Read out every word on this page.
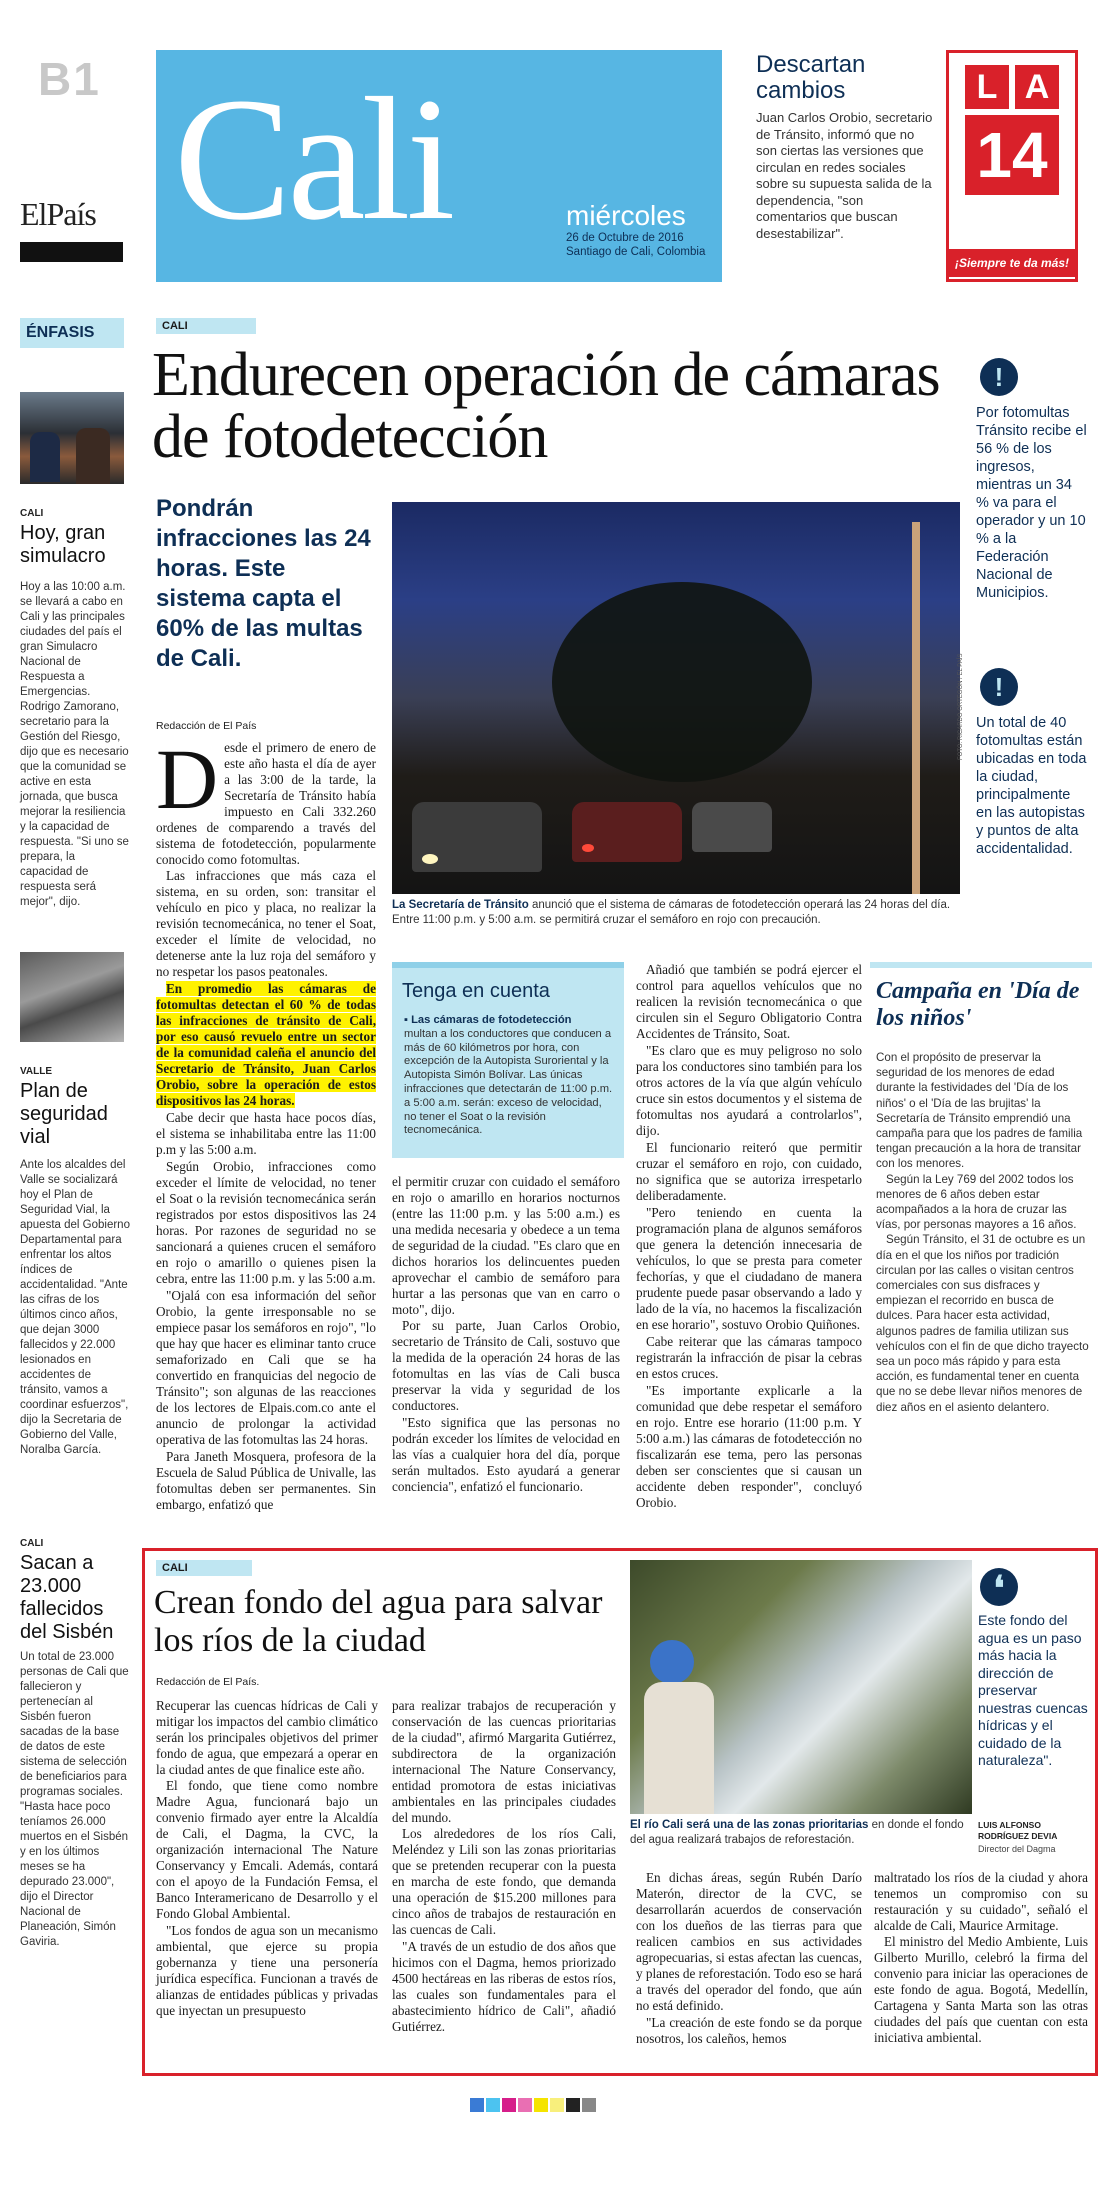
B1
ElPaís Cali	miércoles
26 de Octubre de 2016
Santiago de Cali, Colombia
Descartan cambios
Juan Carlos Orobio, secretario de Tránsito, informó que no son ciertas las versiones que circulan en redes sociales sobre su supuesta salida de la dependencia, "son comentarios que buscan desestabilizar".
L A
14
¡Siempre te da más!
ÉNFASIS
CALI
Hoy, gran simulacro
Hoy a las 10:00 a.m. se llevará a cabo en Cali y las principales ciudades del país el gran Simulacro Nacional de Respuesta a Emergencias. Rodrigo Zamorano, secretario para la Gestión del Riesgo, dijo que es necesario que la comunidad se active en esta jornada, que busca mejorar la resiliencia y la capacidad de respuesta. "Si uno se prepara, la capacidad de respuesta será mejor", dijo.
VALLE
Plan de seguridad vial
Ante los alcaldes del Valle se socializará hoy el Plan de Seguridad Vial, la apuesta del Gobierno Departamental para enfrentar los altos índices de accidentalidad. "Ante las cifras de los últimos cinco años, que dejan 3000 fallecidos y 22.000 lesionados en accidentes de tránsito, vamos a coordinar esfuerzos", dijo la Secretaria de Gobierno del Valle, Noralba García.
CALI
Sacan a 23.000 fallecidos del Sisbén
Un total de 23.000 personas de Cali que fallecieron y pertenecían al Sisbén fueron sacadas de la base de datos de este sistema de selección de beneficiarios para programas sociales. "Hasta hace poco teníamos 26.000 muertos en el Sisbén y en los últimos meses se ha depurado 23.000", dijo el Director Nacional de Planeación, Simón Gaviria.
CALI
Endurecen operación de cámaras de fotodetección
Pondrán infracciones las 24 horas. Este sistema capta el 60% de las multas de Cali.	FOTO: RICARDO ORTEGÓN / EL PAÍS
La Secretaría de Tránsito anunció que el sistema de cámaras de fotodetección operará las 24 horas del día. Entre 11:00 p.m. y 5:00 a.m. se permitirá cruzar el semáforo en rojo con precaución.
Redacción de El País
D esde el primero de enero de este año hasta el día de ayer a las 3:00 de la tarde, la Secretaría de Tránsito había impuesto en Cali 332.260 ordenes de comparendo a través del sistema de fotodetección, popularmente conocido como fotomultas.

Las infracciones que más caza el sistema, en su orden, son: transitar el vehículo en pico y placa, no realizar la revisión tecnomecánica, no tener el Soat, exceder el límite de velocidad, no detenerse ante la luz roja del semáforo y no respetar los pasos peatonales.

En promedio las cámaras de fotomultas detectan el 60 % de todas las infracciones de tránsito de Cali, por eso causó revuelo entre un sector de la comunidad caleña el anuncio del Secretario de Tránsito, Juan Carlos Orobio, sobre la operación de estos dispositivos las 24 horas.

Cabe decir que hasta hace pocos días, el sistema se inhabilitaba entre las 11:00 p.m y las 5:00 a.m.

Según Orobio, infracciones como exceder el límite de velocidad, no tener el Soat o la revisión tecnomecánica serán registrados por estos dispositivos las 24 horas. Por razones de seguridad no se sancionará a quienes crucen el semáforo en rojo o amarillo o quienes pisen la cebra, entre las 11:00 p.m. y las 5:00 a.m.

"Ojalá con esa información del señor Orobio, la gente irresponsable no se empiece pasar los semáforos en rojo", "lo que hay que hacer es eliminar tanto cruce semaforizado en Cali que se ha convertido en franquicias del negocio de Tránsito"; son algunas de las reacciones de los lectores de Elpais.com.co ante el anuncio de prolongar la actividad operativa de las fotomultas las 24 horas.

Para Janeth Mosquera, profesora de la Escuela de Salud Pública de Univalle, las fotomultas deben ser permanentes. Sin embargo, enfatizó que

Tenga en cuenta
▪ Las cámaras de fotodetección
multan a los conductores que conducen a más de 60 kilómetros por hora, con excepción de la Autopista Suroriental y la Autopista Simón Bolívar. Las únicas infracciones que detectarán de 11:00 p.m. a 5:00 a.m. serán: exceso de velocidad, no tener el Soat o la revisión tecnomecánica.

el permitir cruzar con cuidado el semáforo en rojo o amarillo en horarios nocturnos (entre las 11:00 p.m. y las 5:00 a.m.) es una medida necesaria y obedece a un tema de seguridad de la ciudad. "Es claro que en dichos horarios los delincuentes pueden aprovechar el cambio de semáforo para hurtar a las personas que van en carro o moto", dijo.

Por su parte, Juan Carlos Orobio, secretario de Tránsito de Cali, sostuvo que la medida de la operación 24 horas de las fotomultas en las vías de Cali busca preservar la vida y seguridad de los conductores.

"Esto significa que las personas no podrán exceder los límites de velocidad en las vías a cualquier hora del día, porque serán multados. Esto ayudará a generar conciencia", enfatizó el funcionario.

Añadió que también se podrá ejercer el control para aquellos vehículos que no realicen la revisión tecnomecánica o que circulen sin el Seguro Obligatorio Contra Accidentes de Tránsito, Soat.

"Es claro que es muy peligroso no solo para los conductores sino también para los otros actores de la vía que algún vehículo cruce sin estos documentos y el sistema de fotomultas nos ayudará a controlarlos", dijo.

El funcionario reiteró que permitir cruzar el semáforo en rojo, con cuidado, no significa que se autoriza irrespetarlo deliberadamente.

"Pero teniendo en cuenta la programación plana de algunos semáforos que genera la detención innecesaria de vehículos, lo que se presta para cometer fechorías, y que el ciudadano de manera prudente puede pasar observando a lado y lado de la vía, no hacemos la fiscalización en ese horario", sostuvo Orobio Quiñones.

Cabe reiterar que las cámaras tampoco registrarán la infracción de pisar la cebras en estos cruces.

"Es importante explicarle a la comunidad que debe respetar el semáforo en rojo. Entre ese horario (11:00 p.m. Y 5:00 a.m.) las cámaras de fotodetección no fiscalizarán ese tema, pero las personas deben ser conscientes que si causan un accidente deben responder", concluyó Orobio.

!
Por fotomultas Tránsito recibe el 56 % de los ingresos, mientras un 34 % va para el operador y un 10 % a la Federación Nacional de Municipios.
!
Un total de 40 fotomultas están ubicadas en toda la ciudad, principalmente en las autopistas y puntos de alta accidentalidad.
Campaña en 'Día de los niños'

Con el propósito de preservar la seguridad de los menores de edad durante la festividades del 'Día de los niños' o el 'Día de las brujitas' la Secretaría de Tránsito emprendió una campaña para que los padres de familia tengan precaución a la hora de transitar con los menores.

Según la Ley 769 del 2002 todos los menores de 6 años deben estar acompañados a la hora de cruzar las vías, por personas mayores a 16 años.

Según Tránsito, el 31 de octubre es un día en el que los niños por tradición circulan por las calles o visitan centros comerciales con sus disfraces y empiezan el recorrido en busca de dulces. Para hacer esta actividad, algunos padres de familia utilizan sus vehículos con el fin de que dicho trayecto sea un poco más rápido y para esta acción, es fundamental tener en cuenta que no se debe llevar niños menores de diez años en el asiento delantero.

CALI
Crean fondo del agua para salvar los ríos de la ciudad
Redacción de El País.
El río Cali será una de las zonas prioritarias en donde el fondo del agua realizará trabajos de reforestación.
❛
Este fondo del agua es un paso más hacia la dirección de preservar nuestras cuencas hídricas y el cuidado de la naturaleza".
LUIS ALFONSO RODRÍGUEZ DEVIA
Director del Dagma

Recuperar las cuencas hídricas de Cali y mitigar los impactos del cambio climático serán los principales objetivos del primer fondo de agua, que empezará a operar en la ciudad antes de que finalice este año.

El fondo, que tiene como nombre Madre Agua, funcionará bajo un convenio firmado ayer entre la Alcaldía de Cali, el Dagma, la CVC, la organización internacional The Nature Conservancy y Emcali. Además, contará con el apoyo de la Fundación Femsa, el Banco Interamericano de Desarrollo y el Fondo Global Ambiental.

"Los fondos de agua son un mecanismo ambiental, que ejerce su propia gobernanza y tiene una personería jurídica específica. Funcionan a través de alianzas de entidades públicas y privadas que inyectan un presupuesto

para realizar trabajos de recuperación y conservación de las cuencas prioritarias de la ciudad", afirmó Margarita Gutiérrez, subdirectora de la organización internacional The Nature Conservancy, entidad promotora de estas iniciativas ambientales en las principales ciudades del mundo.

Los alrededores de los ríos Cali, Meléndez y Lili son las zonas prioritarias que se pretenden recuperar con la puesta en marcha de este fondo, que demanda una operación de $15.200 millones para cinco años de trabajos de restauración en las cuencas de Cali.

"A través de un estudio de dos años que hicimos con el Dagma, hemos priorizado 4500 hectáreas en las riberas de estos ríos, las cuales son fundamentales para el abastecimiento hídrico de Cali", añadió Gutiérrez.

En dichas áreas, según Rubén Darío Materón, director de la CVC, se desarrollarán acuerdos de conservación con los dueños de las tierras para que realicen cambios en sus actividades agropecuarias, si estas afectan las cuencas, y planes de reforestación. Todo eso se hará a través del operador del fondo, que aún no está definido.

"La creación de este fondo se da porque nosotros, los caleños, hemos

maltratado los ríos de la ciudad y ahora tenemos un compromiso con su restauración y su cuidado", señaló el alcalde de Cali, Maurice Armitage.

El ministro del Medio Ambiente, Luis Gilberto Murillo, celebró la firma del convenio para iniciar las operaciones de este fondo de agua. Bogotá, Medellín, Cartagena y Santa Marta son las otras ciudades del país que cuentan con esta iniciativa ambiental.
